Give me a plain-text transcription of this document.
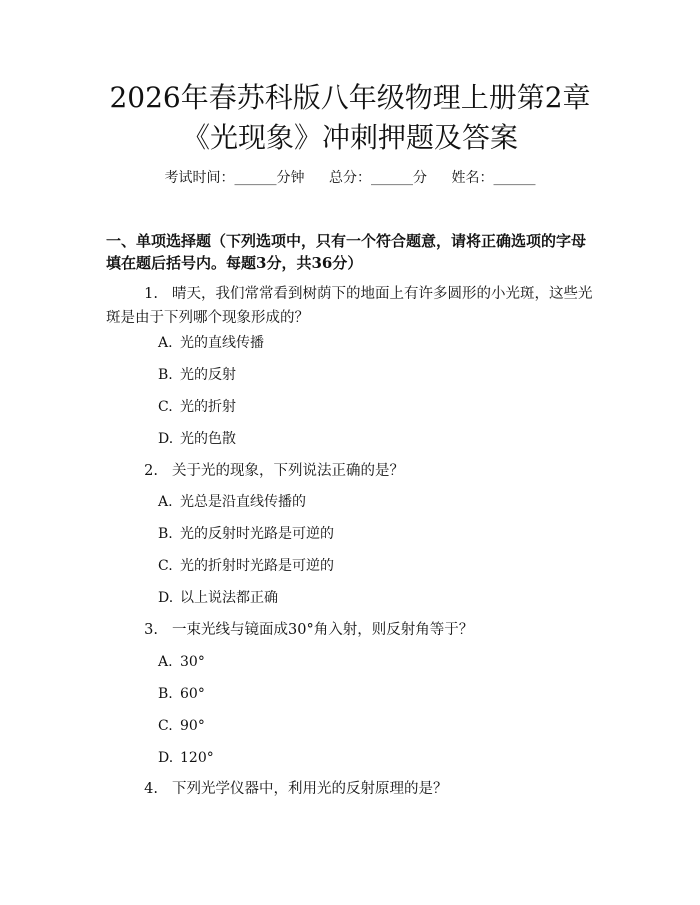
2026年春苏科版八年级物理上册第2章《光现象》冲刺押题及答案
考试时间：______分钟 总分：______分 姓名：______

一、单项选择题（下列选项中，只有一个符合题意，请将正确选项的字母填在题后括号内。每题3分，共36分）

1. 晴天，我们常常看到树荫下的地面上有许多圆形的小光斑，这些光斑是由于下列哪个现象形成的？

A. 光的直线传播
B. 光的反射
C. 光的折射
D. 光的色散

2. 关于光的现象，下列说法正确的是？

A. 光总是沿直线传播的
B. 光的反射时光路是可逆的
C. 光的折射时光路是可逆的
D. 以上说法都正确

3. 一束光线与镜面成30°角入射，则反射角等于？

A. 30°
B. 60°
C. 90°
D. 120°

4. 下列光学仪器中，利用光的反射原理的是？
